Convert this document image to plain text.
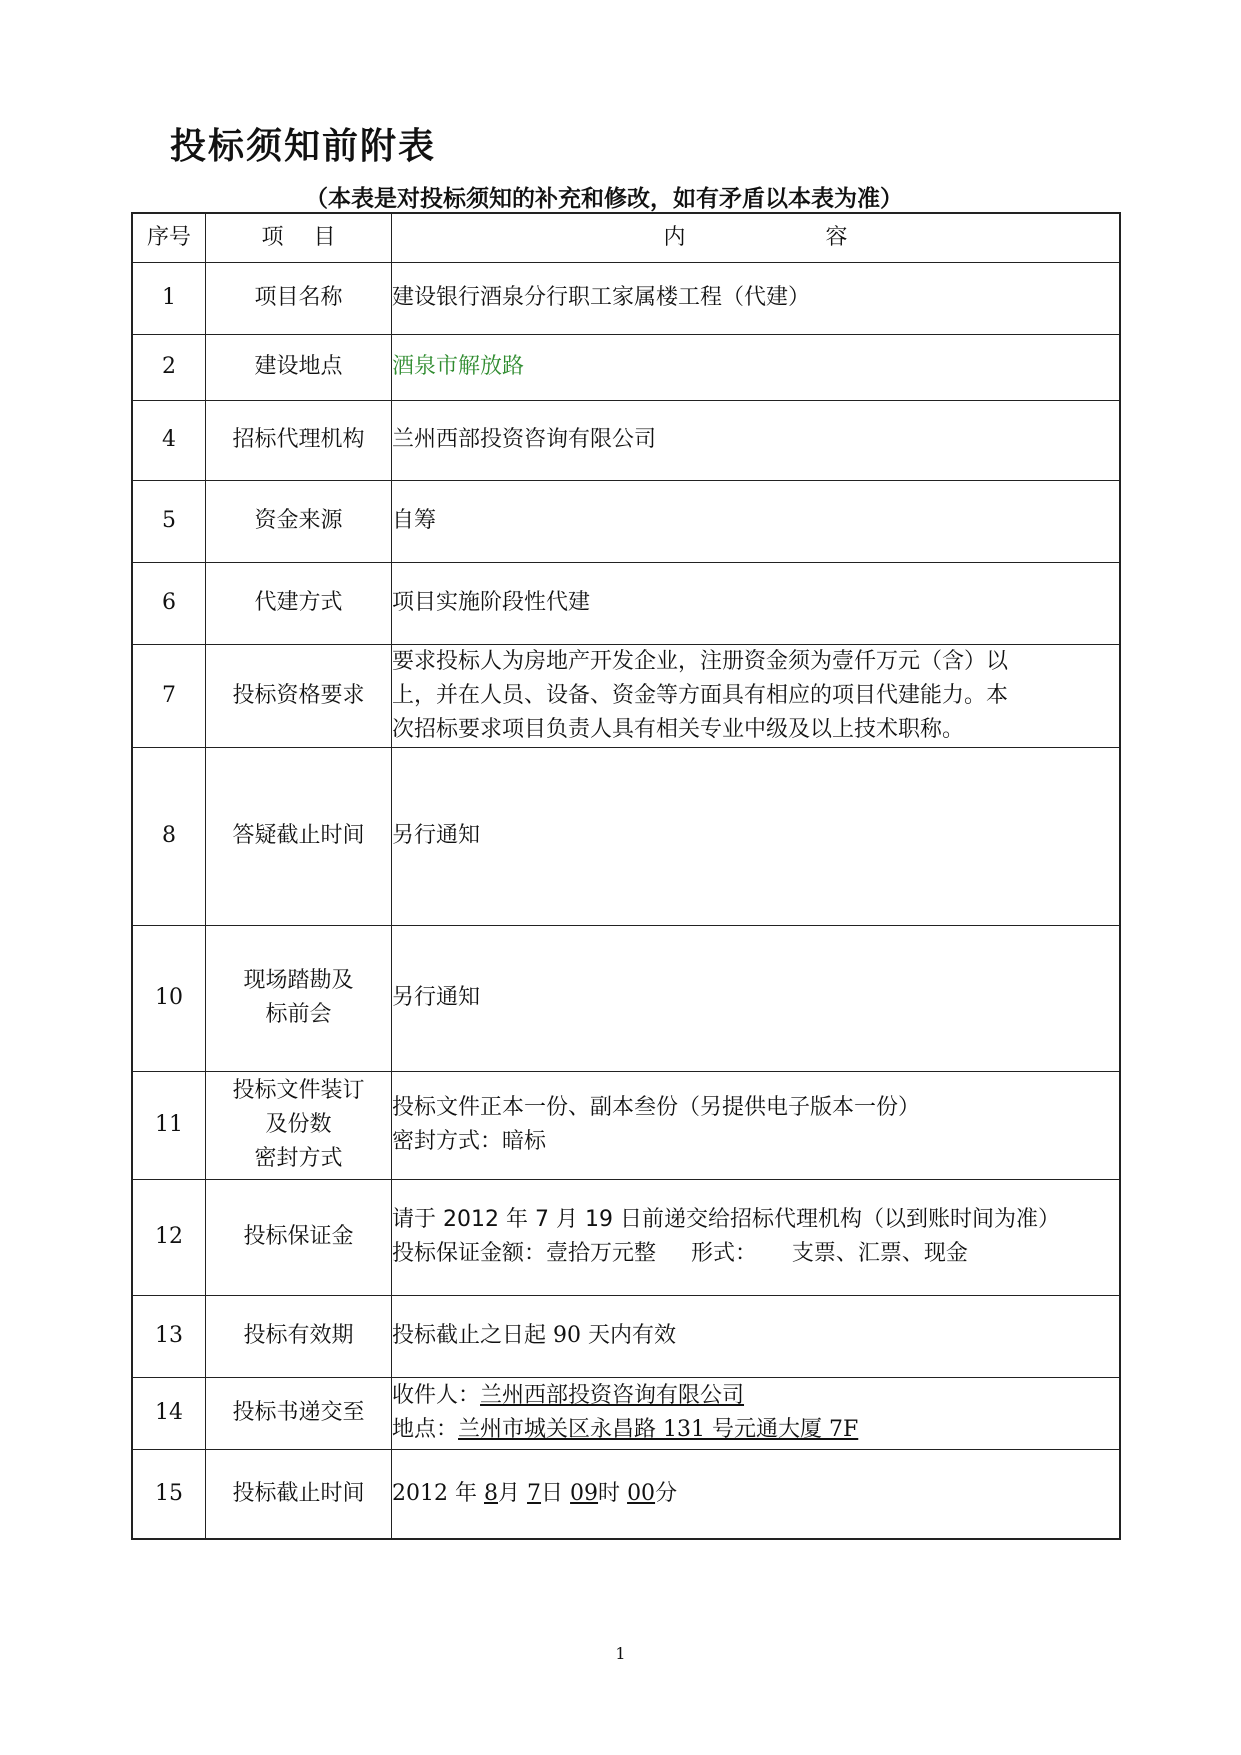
投标须知前附表

（本表是对投标须知的补充和修改，如有矛盾以本表为准）

序号	项 目	内 容

1	项目名称	建设银行酒泉分行职工家属楼工程（代建）
2	建设地点	酒泉市解放路
4	招标代理机构	兰州西部投资咨询有限公司
5	资金来源	自筹
6	代建方式	项目实施阶段性代建
7	投标资格要求	要求投标人为房地产开发企业，注册资金须为壹仟万元（含）以
上，并在人员、设备、资金等方面具有相应的项目代建能力。本
次招标要求项目负责人具有相关专业中级及以上技术职称。

8	答疑截止时间	另行通知
10	现场踏勘及
标前会	另行通知
11	投标文件装订
及份数
密封方式	投标文件正本一份、副本叁份（另提供电子版本一份）
密封方式：暗标

12	投标保证金	请于 2012 年 7 月 19 日前递交给招标代理机构（以到账时间为准）
投标保证金额：壹拾万元整     形式：     支票、汇票、现金

13	投标有效期	投标截止之日起 90 天内有效
14	投标书递交至	收件人：兰州西部投资咨询有限公司
地点：兰州市城关区永昌路 131 号元通大厦 7F

15	投标截止时间	2012 年 8月 7日 09时 00分
1
